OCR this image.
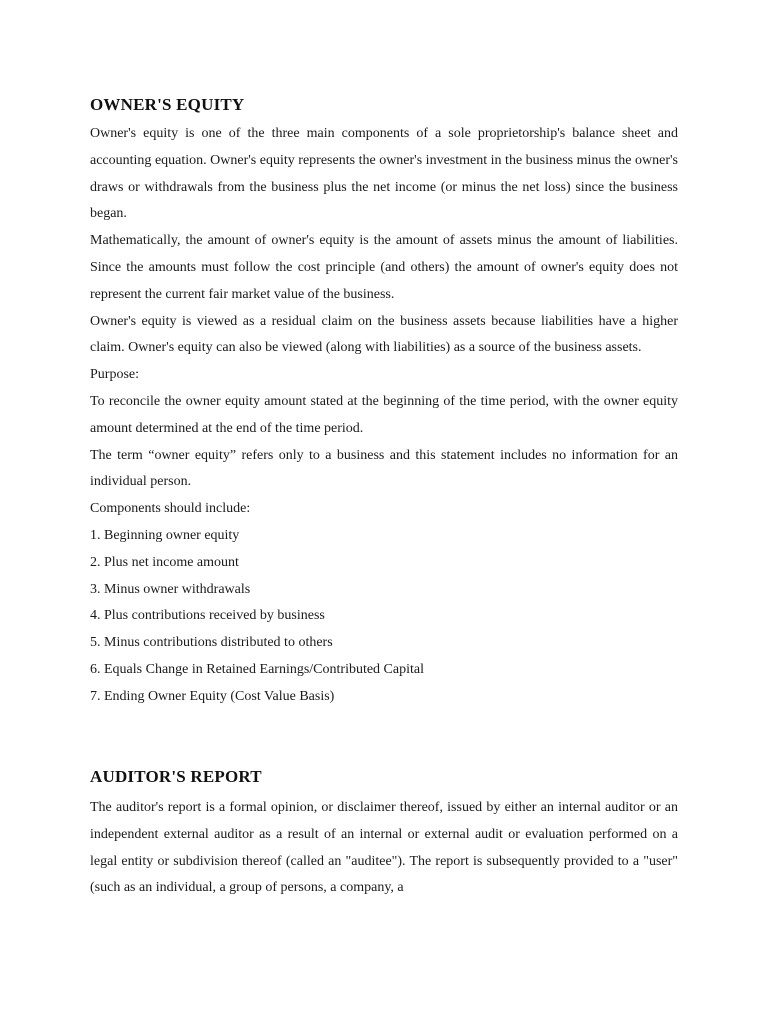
OWNER'S EQUITY

Owner's equity is one of the three main components of a sole proprietorship's balance sheet and accounting equation. Owner's equity represents the owner's investment in the business minus the owner's draws or withdrawals from the business plus the net income (or minus the net loss) since the business began.

Mathematically, the amount of owner's equity is the amount of assets minus the amount of liabilities. Since the amounts must follow the cost principle (and others) the amount of owner's equity does not represent the current fair market value of the business.

Owner's equity is viewed as a residual claim on the business assets because liabilities have a higher claim. Owner's equity can also be viewed (along with liabilities) as a source of the business assets.

Purpose:

To reconcile the owner equity amount stated at the beginning of the time period, with the owner equity amount determined at the end of the time period.

The term “owner equity” refers only to a business and this statement includes no information for an individual person.

Components should include:

1. Beginning owner equity
2. Plus net income amount
3. Minus owner withdrawals
4. Plus contributions received by business
5. Minus contributions distributed to others
6. Equals Change in Retained Earnings/Contributed Capital
7. Ending Owner Equity (Cost Value Basis)
AUDITOR'S REPORT

The auditor's report is a formal opinion, or disclaimer thereof, issued by either an internal auditor or an independent external auditor as a result of an internal or external audit or evaluation performed on a legal entity or subdivision thereof (called an "auditee"). The report is subsequently provided to a "user" (such as an individual, a group of persons, a company, a
